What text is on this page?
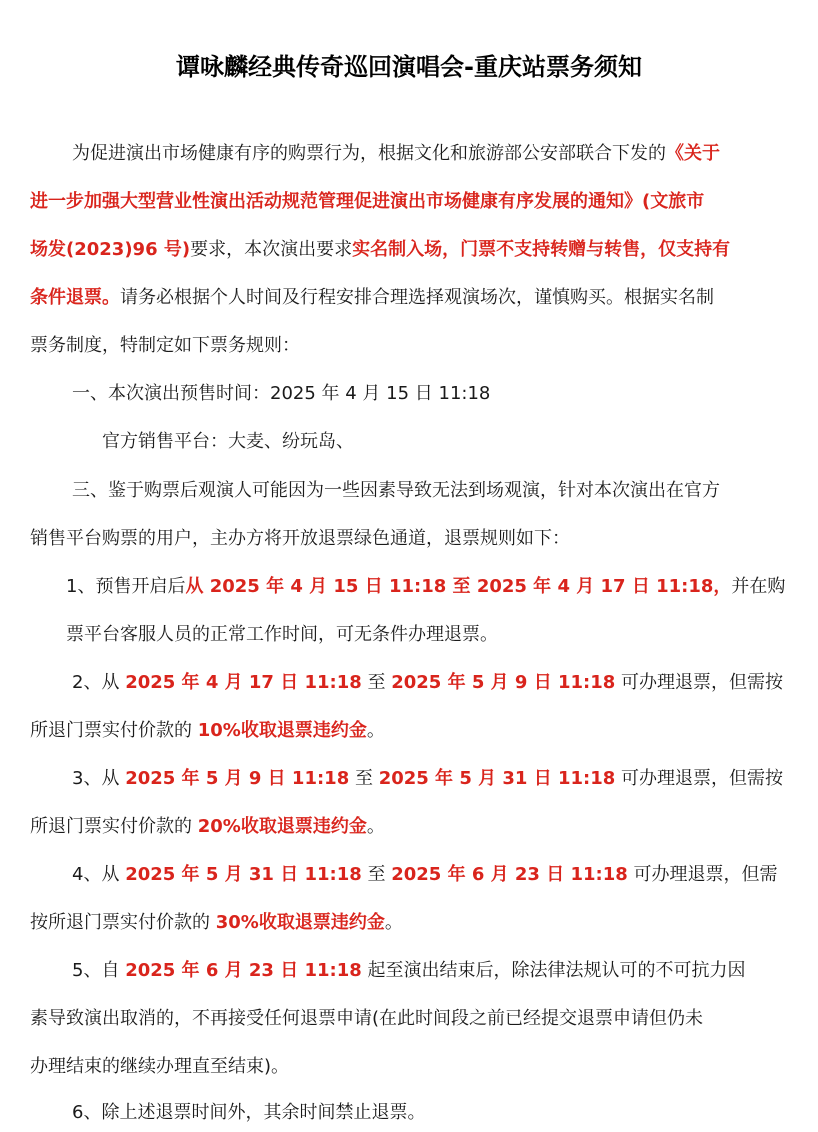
谭咏麟经典传奇巡回演唱会-重庆站票务须知
为促进演出市场健康有序的购票行为，根据文化和旅游部公安部联合下发的《关于
进一步加强大型营业性演出活动规范管理促进演出市场健康有序发展的通知》(文旅市
场发(2023)96 号)要求，本次演出要求实名制入场，门票不支持转赠与转售，仅支持有
条件退票。请务必根据个人时间及行程安排合理选择观演场次，谨慎购买。根据实名制
票务制度，特制定如下票务规则：
一、本次演出预售时间：2025 年 4 月 15 日 11:18
官方销售平台：大麦、纷玩岛、
三、鉴于购票后观演人可能因为一些因素导致无法到场观演，针对本次演出在官方
销售平台购票的用户，主办方将开放退票绿色通道，退票规则如下：
1、预售开启后从 2025 年 4 月 15 日 11:18 至 2025 年 4 月 17 日 11:18，并在购
票平台客服人员的正常工作时间，可无条件办理退票。
2、从 2025 年 4 月 17 日 11:18 至 2025 年 5 月 9 日 11:18 可办理退票，但需按
所退门票实付价款的 10%收取退票违约金。
3、从 2025 年 5 月 9 日 11:18 至 2025 年 5 月 31 日 11:18 可办理退票，但需按
所退门票实付价款的 20%收取退票违约金。
4、从 2025 年 5 月 31 日 11:18 至 2025 年 6 月 23 日 11:18 可办理退票，但需
按所退门票实付价款的 30%收取退票违约金。
5、自 2025 年 6 月 23 日 11:18 起至演出结束后，除法律法规认可的不可抗力因
素导致演出取消的，不再接受任何退票申请(在此时间段之前已经提交退票申请但仍未
办理结束的继续办理直至结束)。
6、除上述退票时间外，其余时间禁止退票。
